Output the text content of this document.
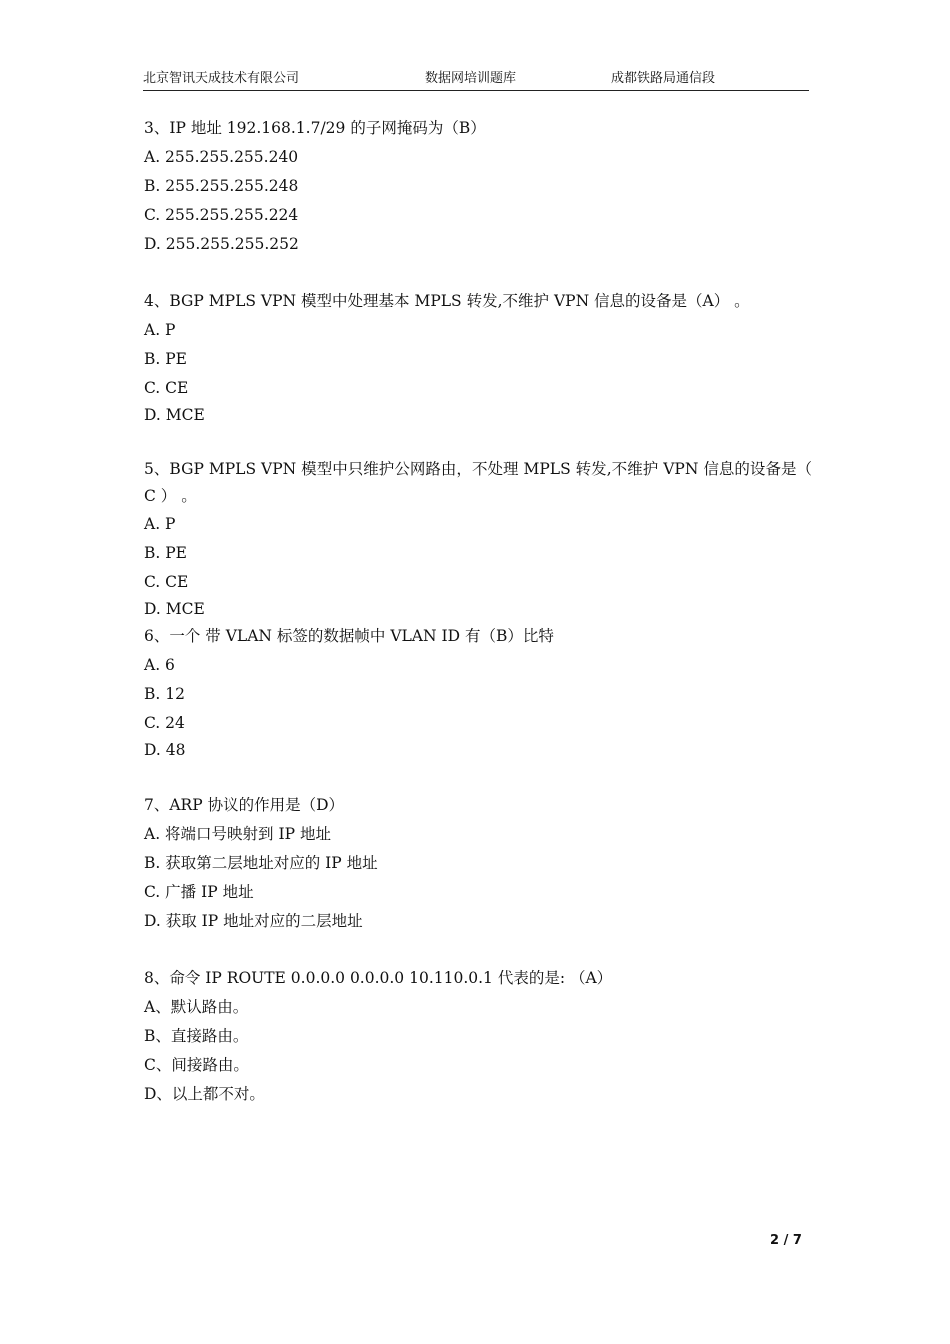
北京智讯天成技术有限公司	数据网培训题库	成都铁路局通信段
3、IP 地址 192.168.1.7/29 的子网掩码为（B）
A. 255.255.255.240
B. 255.255.255.248
C. 255.255.255.224
D. 255.255.255.252
4、BGP MPLS VPN 模型中处理基本 MPLS 转发,不维护 VPN 信息的设备是（A） 。
A. P
B. PE
C. CE
D. MCE
5、BGP MPLS VPN 模型中只维护公网路由，不处理 MPLS 转发,不维护 VPN 信息的设备是（ C ） 。
A. P
B. PE
C. CE
D. MCE
6、一个 带 VLAN 标签的数据帧中 VLAN ID 有（B）比特
A. 6
B. 12
C. 24
D. 48
7、ARP 协议的作用是（D）
A. 将端口号映射到 IP 地址
B. 获取第二层地址对应的 IP 地址
C. 广播 IP 地址
D. 获取 IP 地址对应的二层地址
8、命令 IP ROUTE 0.0.0.0 0.0.0.0 10.110.0.1 代表的是: （A）
A、默认路由。
B、直接路由。
C、间接路由。
D、以上都不对。
2 / 7
